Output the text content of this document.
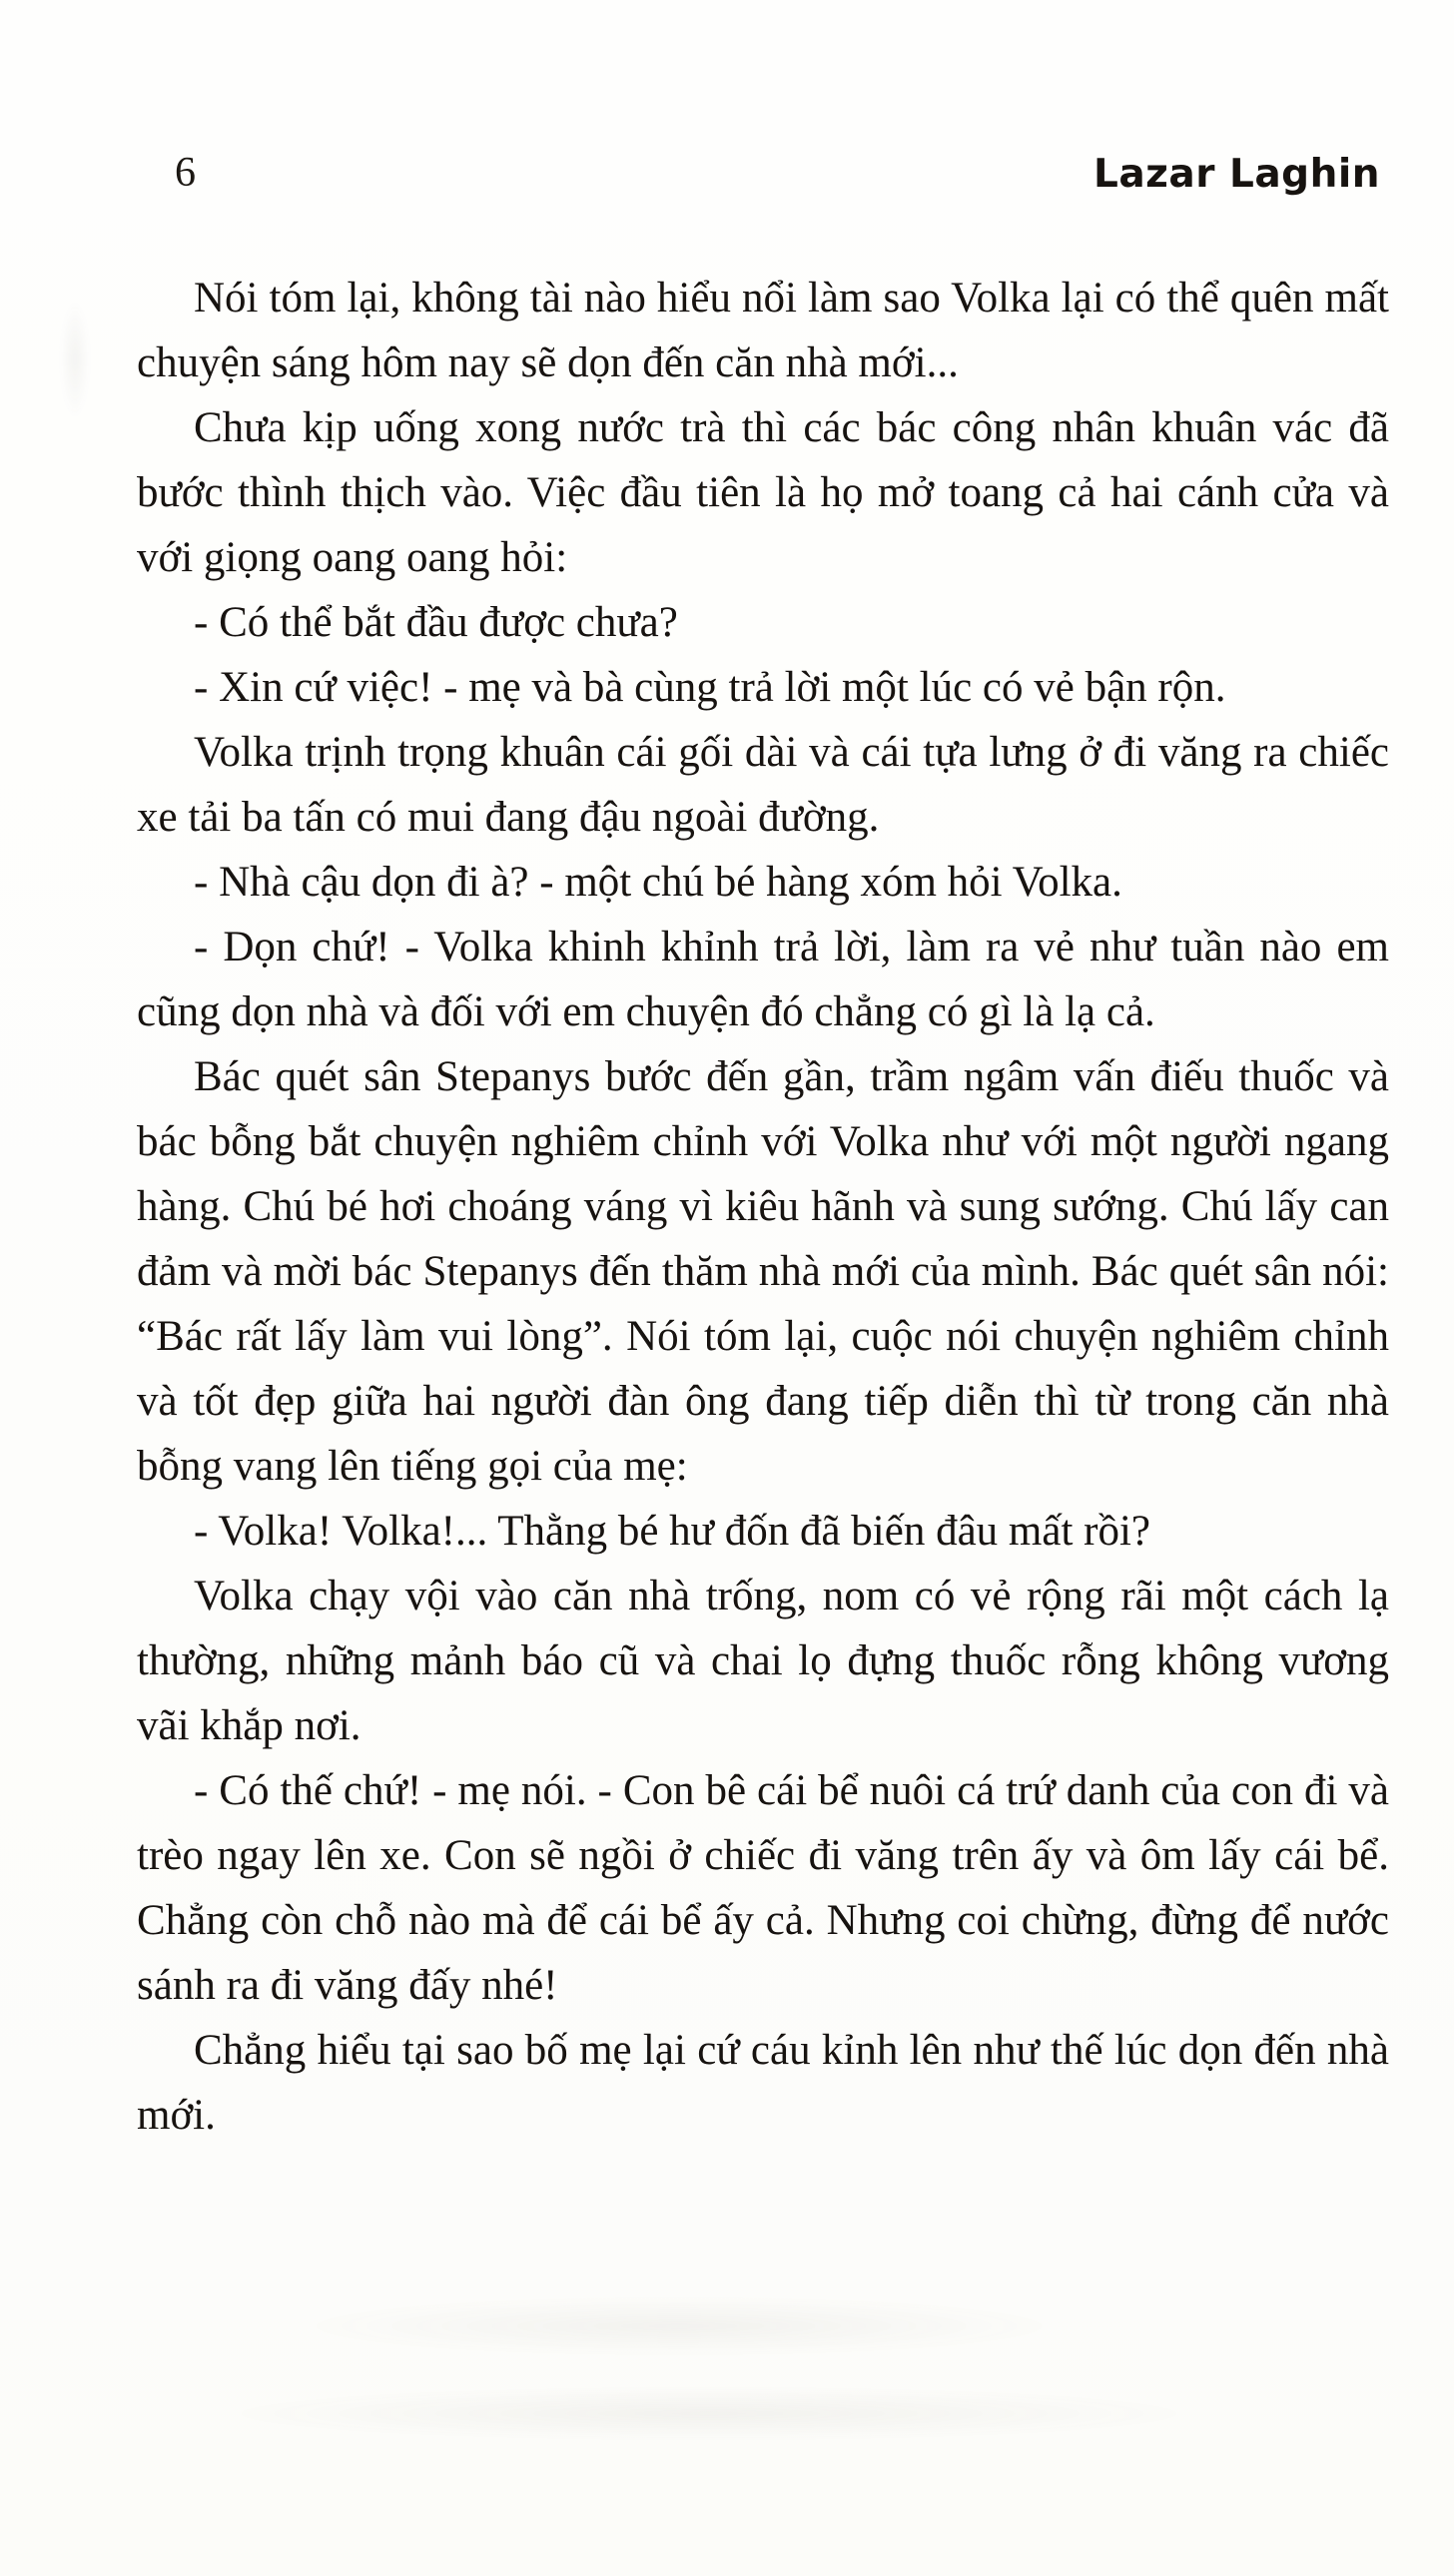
6	Lazar Laghin

Nói tóm lại, không tài nào hiểu nổi làm sao Volka lại có thể quên mất chuyện sáng hôm nay sẽ dọn đến căn nhà mới...

Chưa kịp uống xong nước trà thì các bác công nhân khuân vác đã bước thình thịch vào. Việc đầu tiên là họ mở toang cả hai cánh cửa và với giọng oang oang hỏi:

- Có thể bắt đầu được chưa?

- Xin cứ việc! - mẹ và bà cùng trả lời một lúc có vẻ bận rộn.

Volka trịnh trọng khuân cái gối dài và cái tựa lưng ở đi văng ra chiếc xe tải ba tấn có mui đang đậu ngoài đường.

- Nhà cậu dọn đi à? - một chú bé hàng xóm hỏi Volka.

- Dọn chứ! - Volka khinh khỉnh trả lời, làm ra vẻ như tuần nào em cũng dọn nhà và đối với em chuyện đó chẳng có gì là lạ cả.

Bác quét sân Stepanys bước đến gần, trầm ngâm vấn điếu thuốc và bác bỗng bắt chuyện nghiêm chỉnh với Volka như với một người ngang hàng. Chú bé hơi choáng váng vì kiêu hãnh và sung sướng. Chú lấy can đảm và mời bác Stepanys đến thăm nhà mới của mình. Bác quét sân nói: “Bác rất lấy làm vui lòng”. Nói tóm lại, cuộc nói chuyện nghiêm chỉnh và tốt đẹp giữa hai người đàn ông đang tiếp diễn thì từ trong căn nhà bỗng vang lên tiếng gọi của mẹ:

- Volka! Volka!... Thằng bé hư đốn đã biến đâu mất rồi?

Volka chạy vội vào căn nhà trống, nom có vẻ rộng rãi một cách lạ thường, những mảnh báo cũ và chai lọ đựng thuốc rỗng không vương vãi khắp nơi.

- Có thế chứ! - mẹ nói. - Con bê cái bể nuôi cá trứ danh của con đi và trèo ngay lên xe. Con sẽ ngồi ở chiếc đi văng trên ấy và ôm lấy cái bể. Chẳng còn chỗ nào mà để cái bể ấy cả. Nhưng coi chừng, đừng để nước sánh ra đi văng đấy nhé!

Chẳng hiểu tại sao bố mẹ lại cứ cáu kỉnh lên như thế lúc dọn đến nhà mới.
